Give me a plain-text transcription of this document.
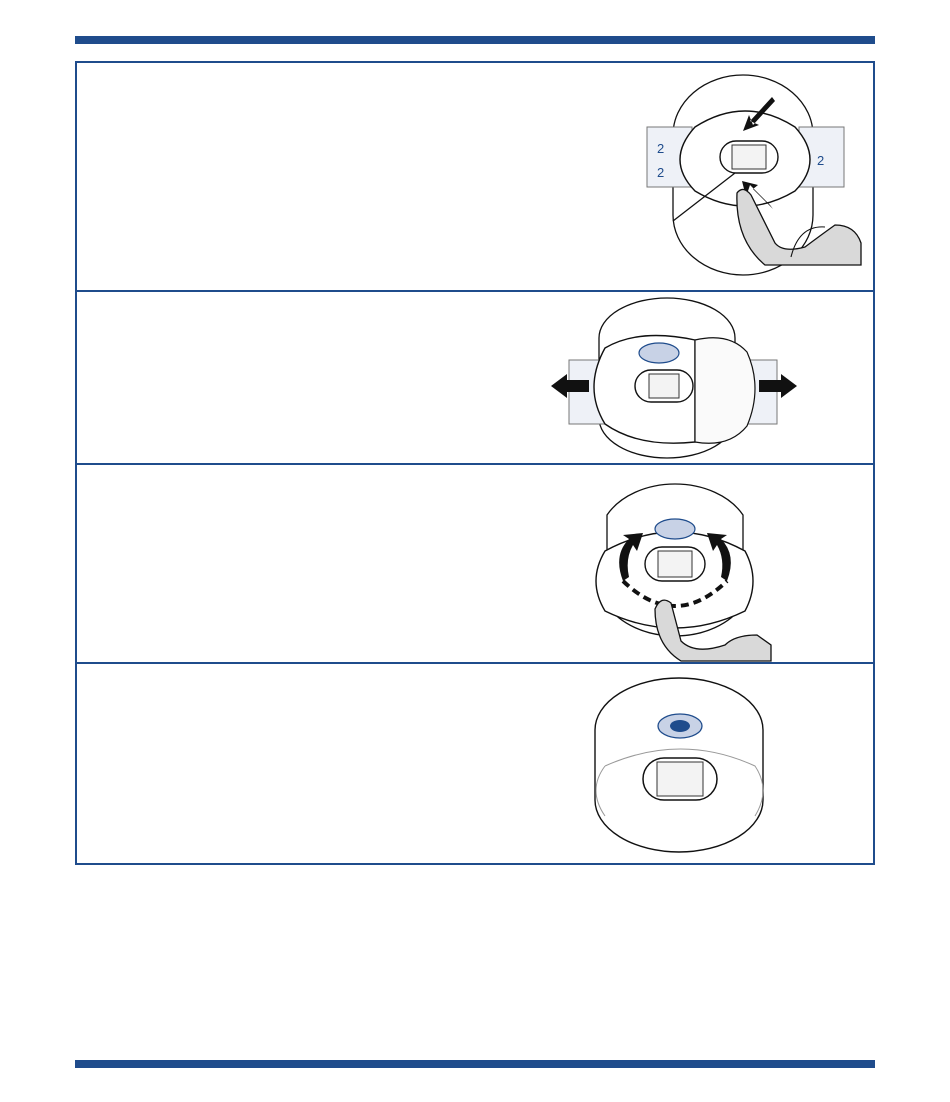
2
2
2
